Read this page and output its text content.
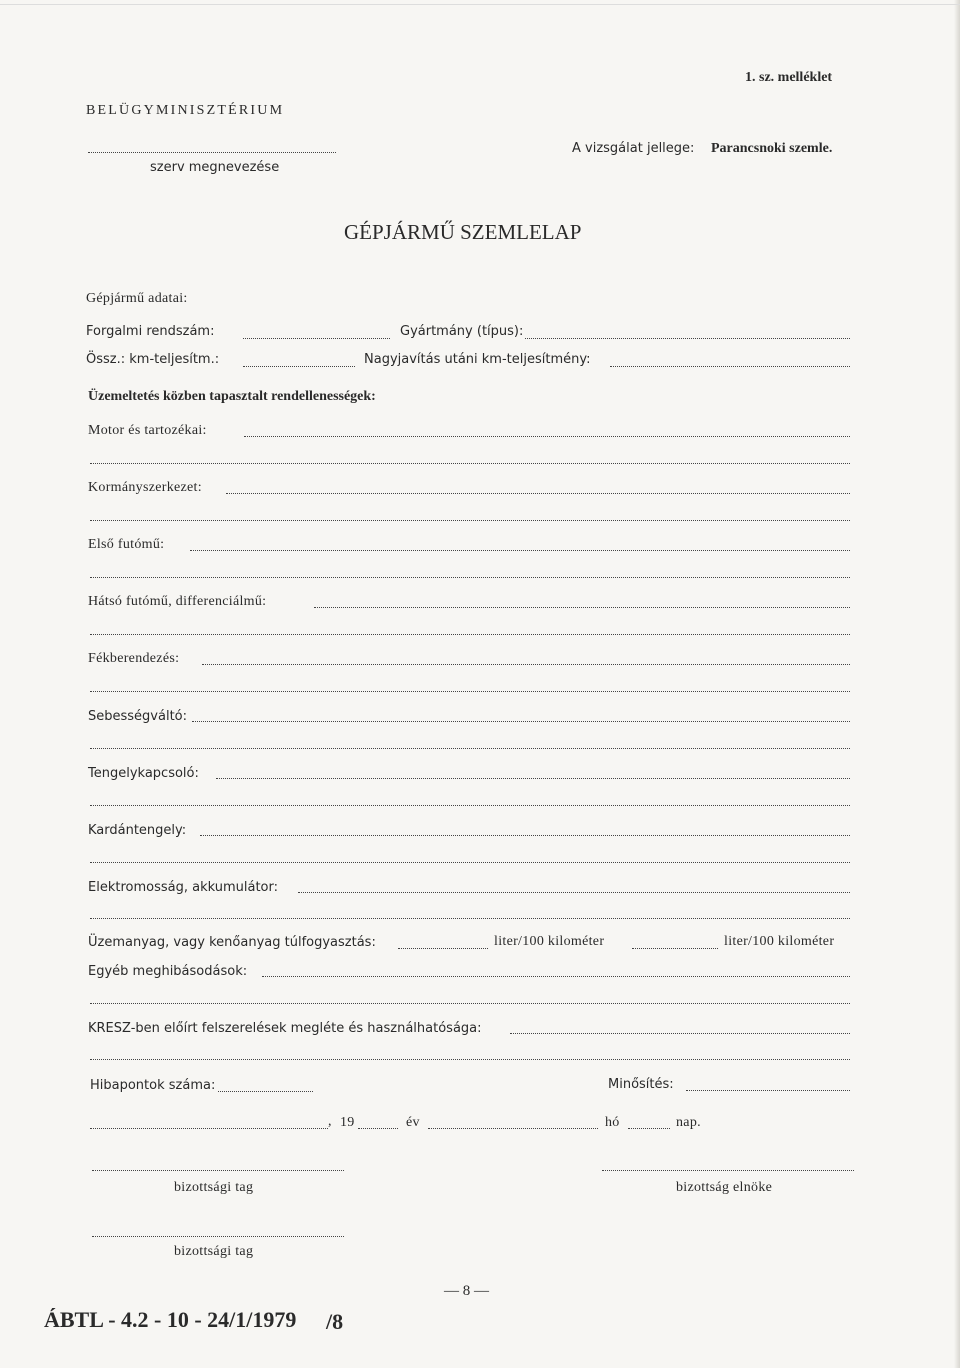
1. sz. melléklet
BELÜGYMINISZTÉRIUM
szerv megnevezése
A vizsgálat jellege: Parancsnoki szemle.
GÉPJÁRMŰ SZEMLELAP
Gépjármű adatai:
Forgalmi rendszám:	Gyártmány (típus):
Össz.: km-teljesítm.:	Nagyjavítás utáni km-teljesítmény:
Üzemeltetés közben tapasztalt rendellenességek:
Motor és tartozékai:
Kormányszerkezet:
Első futómű:
Hátsó futómű, differenciálmű:
Fékberendezés:
Sebességváltó:
Tengelykapcsoló:
Kardántengely:
Elektromosság, akkumulátor:
Üzemanyag, vagy kenőanyag túlfogyasztás:	liter/100 kilométer	liter/100 kilométer
Egyéb meghibásodások:
KRESZ-ben előírt felszerelések megléte és használhatósága:
Hibapontok száma:	Minősítés:
, 19	év	hó	nap.
bizottsági tag	bizottság elnöke
bizottsági tag
— 8 —
ÁBTL - 4.2 - 10 - 24/1/1979 /8
